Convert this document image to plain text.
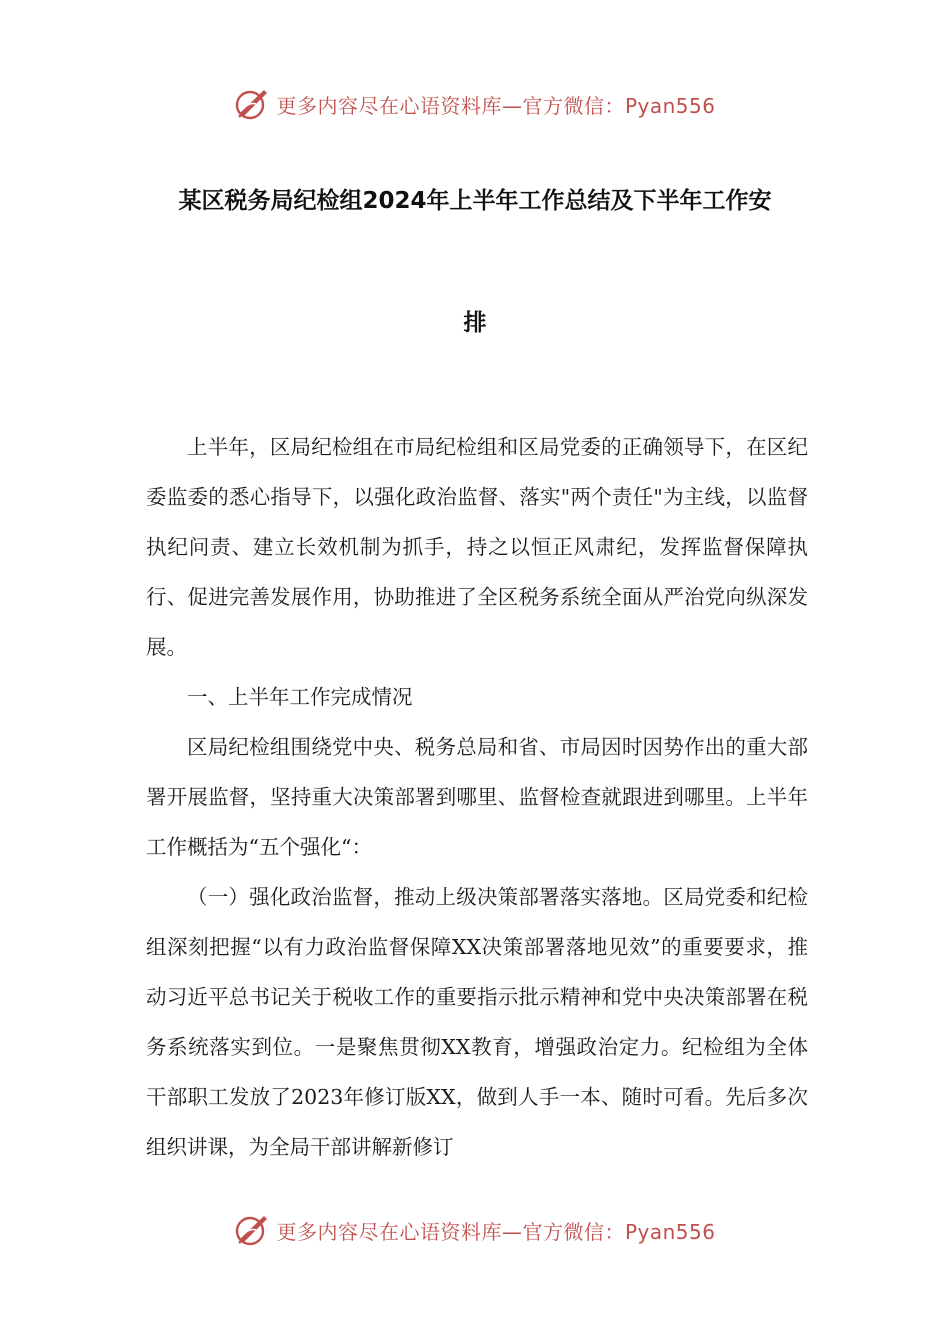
更多内容尽在心语资料库—官方微信：Pyan556
某区税务局纪检组2024年上半年工作总结及下半年工作安
排

上半年，区局纪检组在市局纪检组和区局党委的正确领导下，在区纪委监委的悉心指导下，以强化政治监督、落实"两个责任"为主线，以监督执纪问责、建立长效机制为抓手，持之以恒正风肃纪，发挥监督保障执行、促进完善发展作用，协助推进了全区税务系统全面从严治党向纵深发展。

一、上半年工作完成情况

区局纪检组围绕党中央、税务总局和省、市局因时因势作出的重大部署开展监督，坚持重大决策部署到哪里、监督检查就跟进到哪里。上半年工作概括为“五个强化“：

（一）强化政治监督，推动上级决策部署落实落地。区局党委和纪检组深刻把握“以有力政治监督保障XX决策部署落地见效”的重要要求，推动习近平总书记关于税收工作的重要指示批示精神和党中央决策部署在税务系统落实到位。一是聚焦贯彻XX教育，增强政治定力。纪检组为全体干部职工发放了2023年修订版XX，做到人手一本、随时可看。先后多次组织讲课，为全局干部讲解新修订

更多内容尽在心语资料库—官方微信：Pyan556
